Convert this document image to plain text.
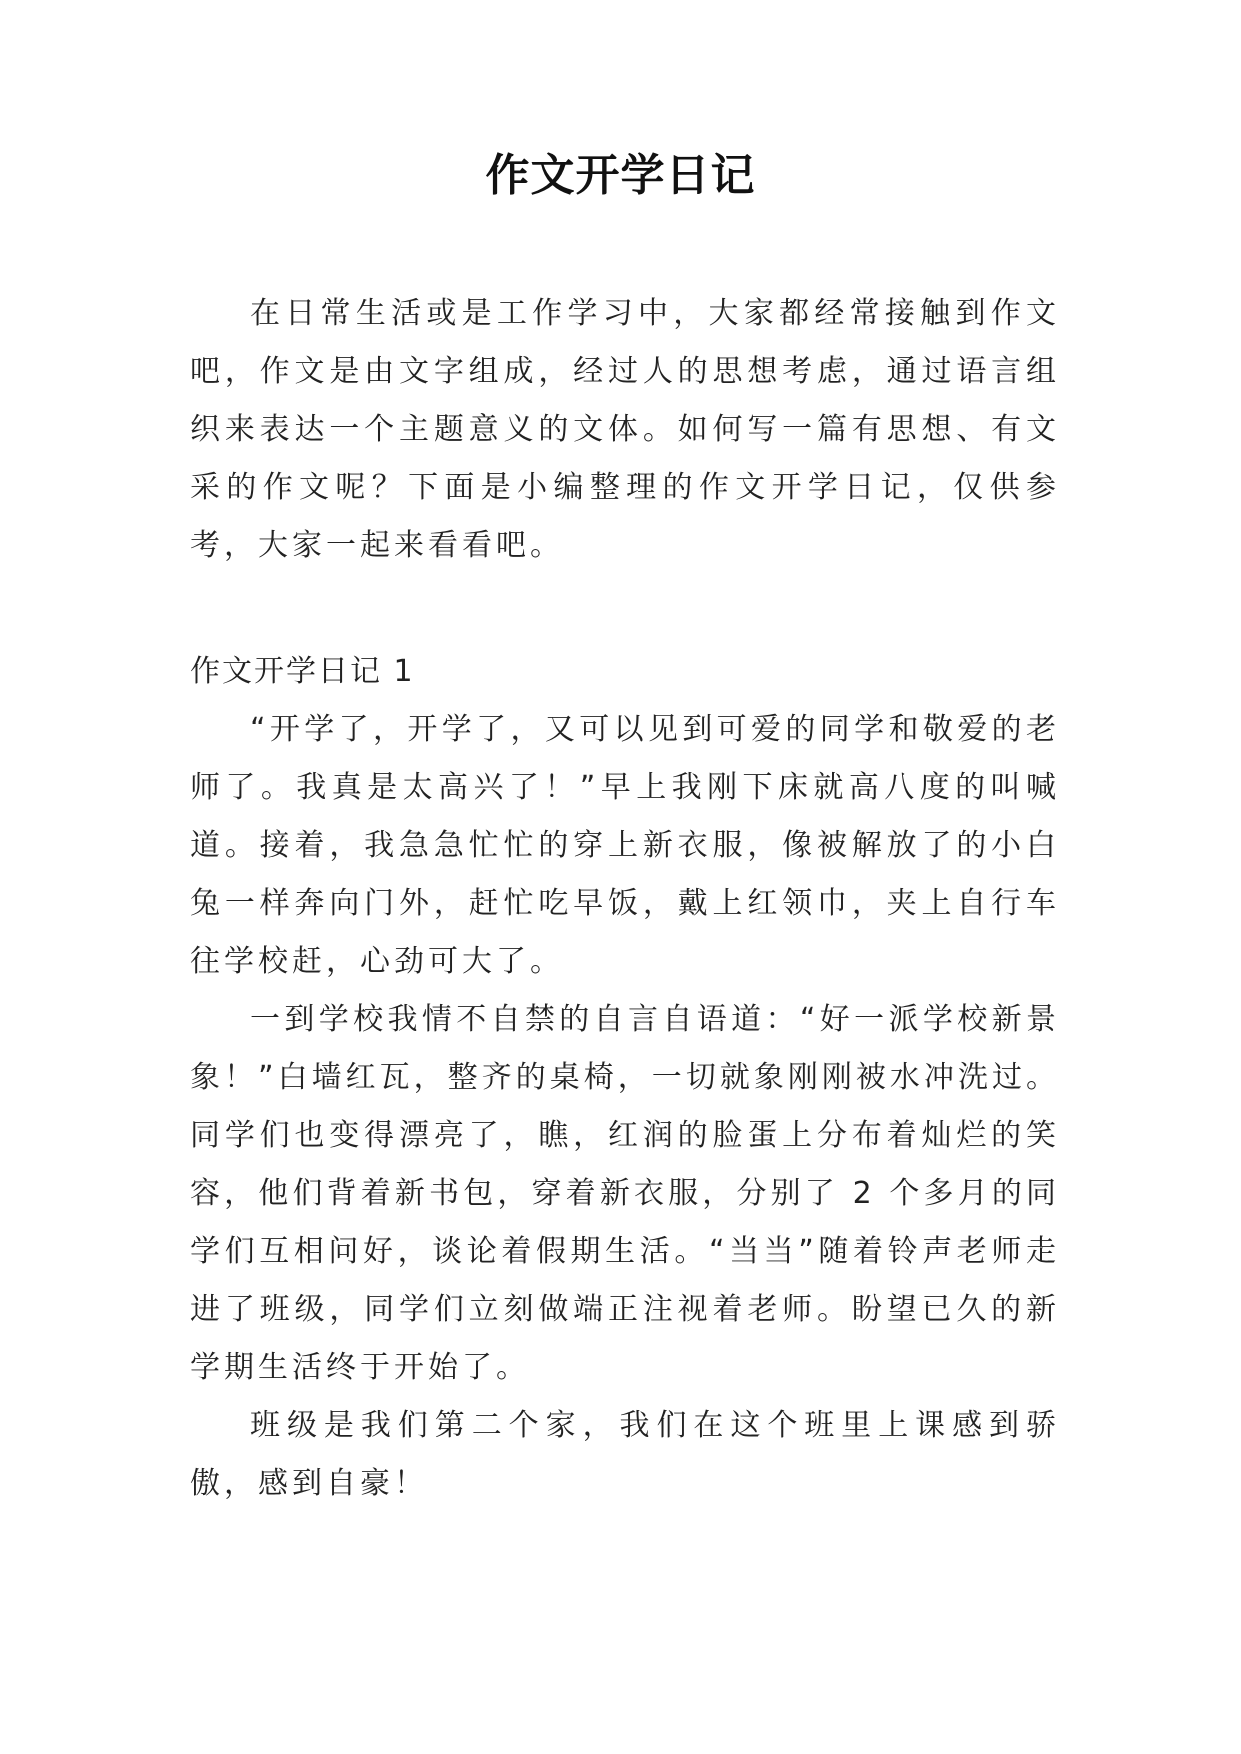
作文开学日记

在日常生活或是工作学习中，大家都经常接触到作文吧，作文是由文字组成，经过人的思想考虑，通过语言组织来表达一个主题意义的文体。如何写一篇有思想、有文采的作文呢？下面是小编整理的作文开学日记，仅供参考，大家一起来看看吧。

作文开学日记 1

“开学了，开学了，又可以见到可爱的同学和敬爱的老师了。我真是太高兴了！”早上我刚下床就高八度的叫喊道。接着，我急急忙忙的穿上新衣服，像被解放了的小白兔一样奔向门外，赶忙吃早饭，戴上红领巾，夹上自行车往学校赶，心劲可大了。

一到学校我情不自禁的自言自语道：“好一派学校新景象！”白墙红瓦，整齐的桌椅，一切就象刚刚被水冲洗过。同学们也变得漂亮了，瞧，红润的脸蛋上分布着灿烂的笑容，他们背着新书包，穿着新衣服，分别了 2 个多月的同学们互相问好，谈论着假期生活。“当当”随着铃声老师走进了班级，同学们立刻做端正注视着老师。盼望已久的新学期生活终于开始了。

班级是我们第二个家，我们在这个班里上课感到骄傲，感到自豪！
